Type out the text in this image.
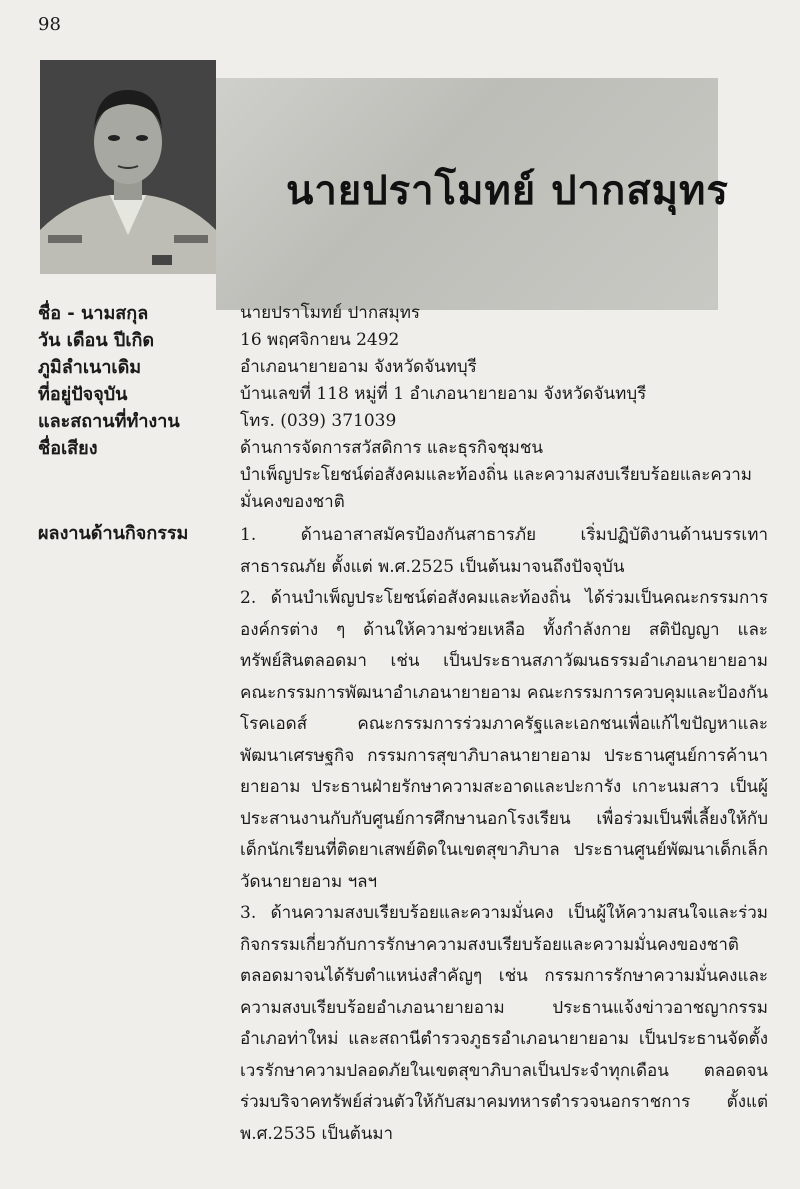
98
นายปราโมทย์ ปากสมุทร
ชื่อ - นามสกุล	นายปราโมทย์ ปากสมุทร
วัน เดือน ปีเกิด	16 พฤศจิกายน 2492
ภูมิลำเนาเดิม	อำเภอนายายอาม จังหวัดจันทบุรี
ที่อยู่ปัจจุบัน	บ้านเลขที่ 118 หมู่ที่ 1 อำเภอนายายอาม จังหวัดจันทบุรี
และสถานที่ทำงาน	โทร. (039) 371039
ชื่อเสียง	ด้านการจัดการสวัสดิการ และธุรกิจชุมชน
บำเพ็ญประโยชน์ต่อสังคมและท้องถิ่น และความสงบเรียบร้อยและความมั่นคงของชาติ
ผลงานด้านกิจกรรม	1. ด้านอาสาสมัครป้องกันสาธารภัย เริ่มปฏิบัติงานด้านบรรเทาสาธารณภัย ตั้งแต่ พ.ศ.2525 เป็นต้นมาจนถึงปัจจุบัน

2. ด้านบำเพ็ญประโยชน์ต่อสังคมและท้องถิ่น ได้ร่วมเป็นคณะกรรมการองค์กรต่าง ๆ ด้านให้ความช่วยเหลือ ทั้งกำลังกาย สติปัญญา และทรัพย์สินตลอดมา เช่น เป็นประธานสภาวัฒนธรรมอำเภอนายายอาม คณะกรรมการพัฒนาอำเภอนายายอาม คณะกรรมการควบคุมและป้องกันโรคเอดส์ คณะกรรมการร่วมภาครัฐและเอกชนเพื่อแก้ไขปัญหาและพัฒนาเศรษฐกิจ กรรมการสุขาภิบาลนายายอาม ประธานศูนย์การค้านายายอาม ประธานฝ่ายรักษาความสะอาดและปะการัง เกาะนมสาว เป็นผู้ประสานงานกับกับศูนย์การศึกษานอกโรงเรียน เพื่อร่วมเป็นพี่เลี้ยงให้กับเด็กนักเรียนที่ติดยาเสพย์ติดในเขตสุขาภิบาล ประธานศูนย์พัฒนาเด็กเล็กวัดนายายอาม ฯลฯ

3. ด้านความสงบเรียบร้อยและความมั่นคง เป็นผู้ให้ความสนใจและร่วมกิจกรรมเกี่ยวกับการรักษาความสงบเรียบร้อยและความมั่นคงของชาติตลอดมาจนได้รับตำแหน่งสำคัญๆ เช่น กรรมการรักษาความมั่นคงและความสงบเรียบร้อยอำเภอนายายอาม ประธานแจ้งข่าวอาชญากรรมอำเภอท่าใหม่ และสถานีตำรวจภูธรอำเภอนายายอาม เป็นประธานจัดตั้งเวรรักษาความปลอดภัยในเขตสุขาภิบาลเป็นประจำทุกเดือน ตลอดจนร่วมบริจาคทรัพย์ส่วนตัวให้กับสมาคมทหารตำรวจนอกราชการ ตั้งแต่ พ.ศ.2535 เป็นต้นมา
